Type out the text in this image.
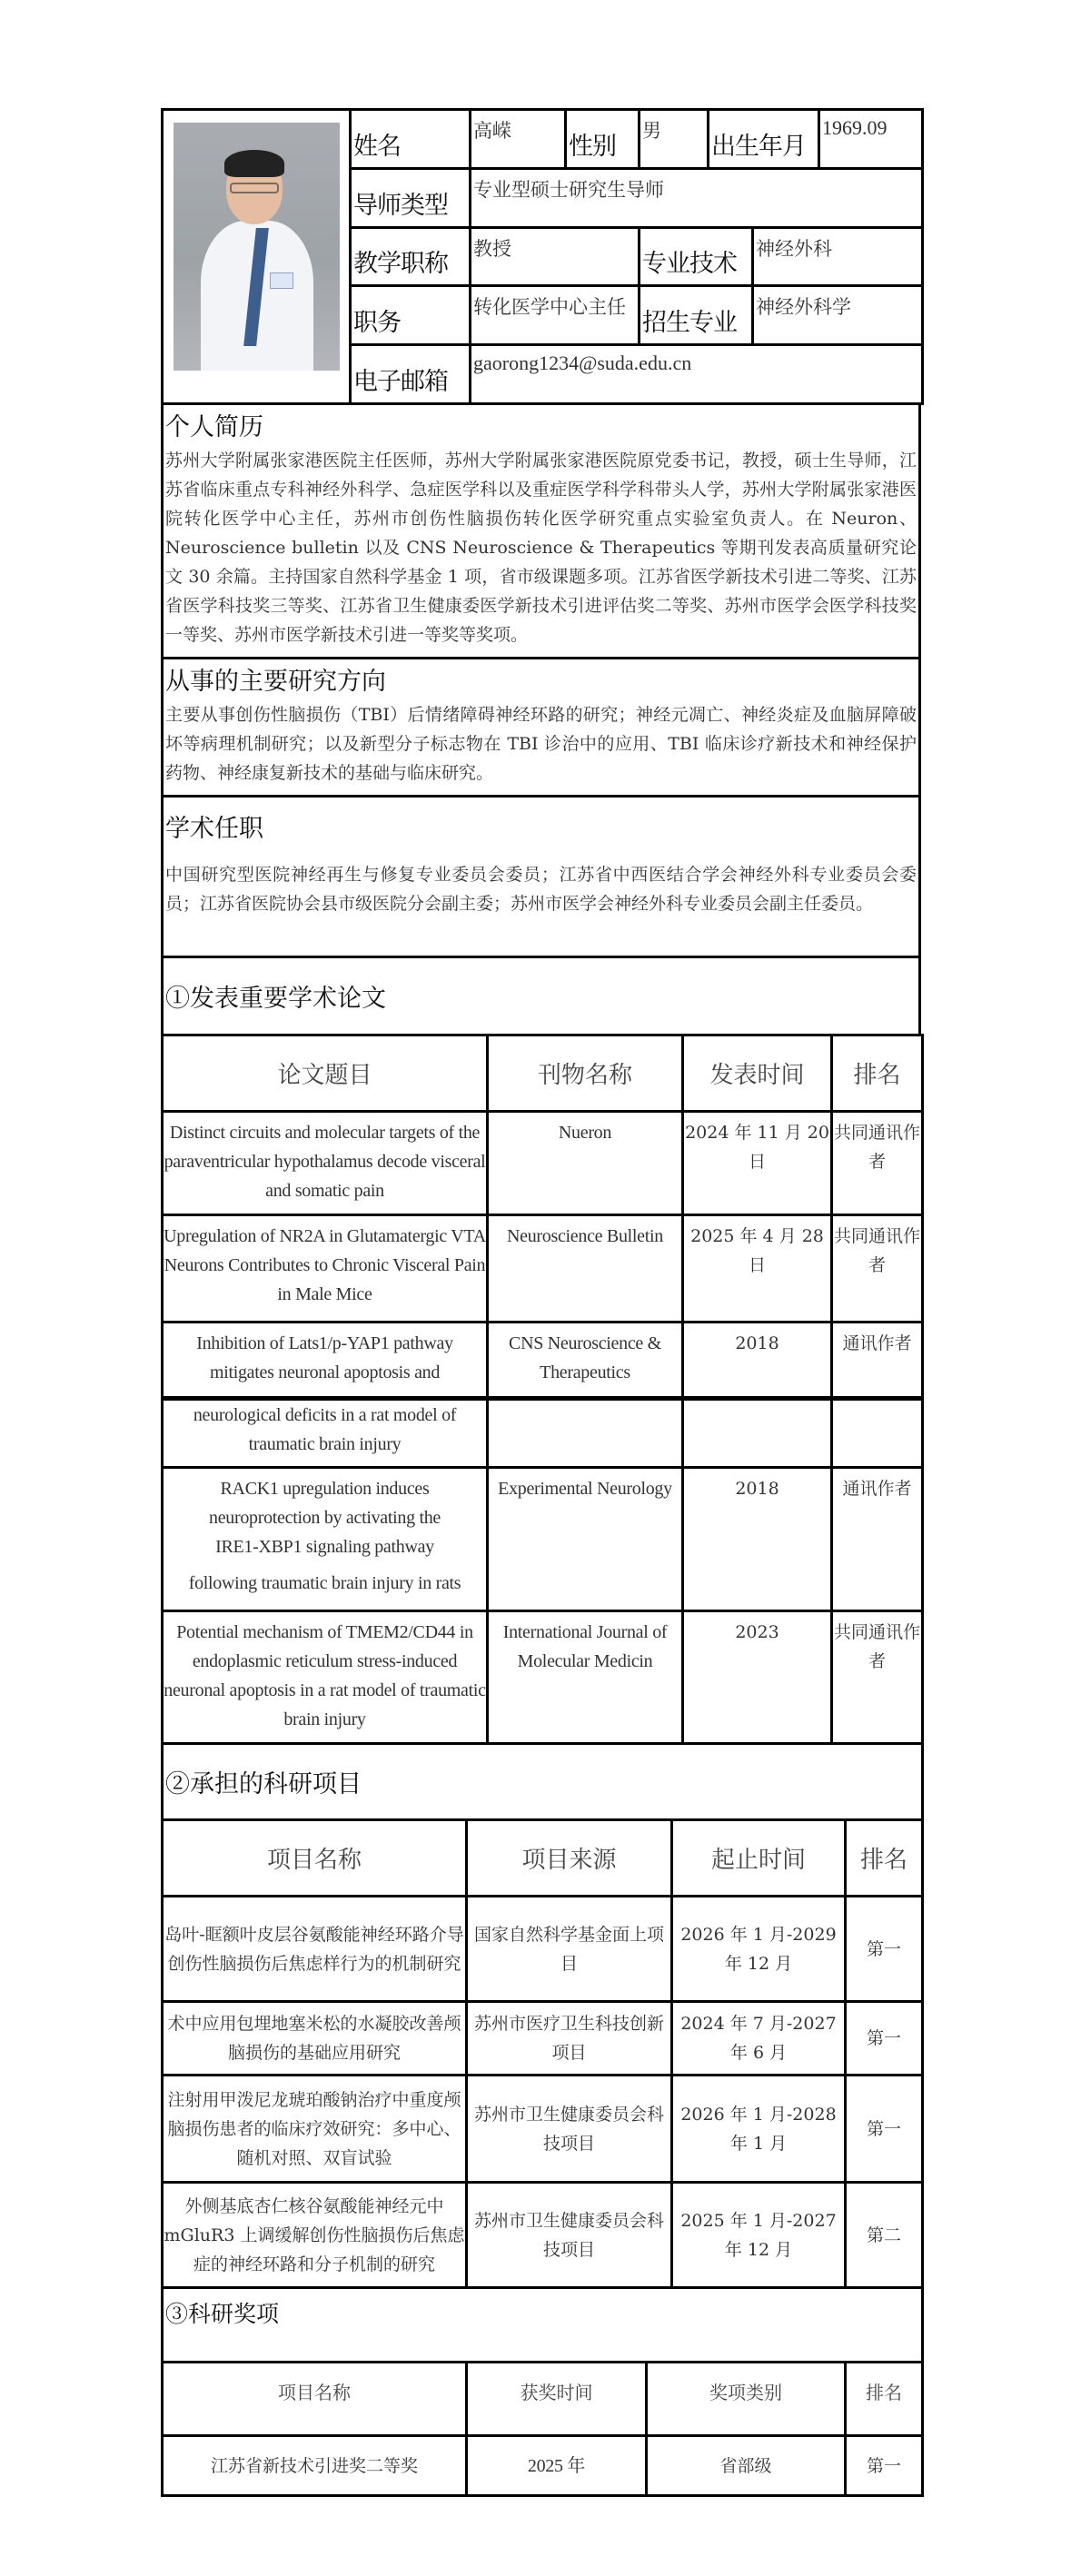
	姓名	高嵘	性别	男	出生年月		1969.09
	导师类型	专业型硕士研究生导师					
	教学职称	教授		专业技术		神经外科	
	职务	转化医学中心主任		招生专业		神经外科学	
	电子邮箱	gaorong1234@suda.edu.cn					
个人简历
苏州大学附属张家港医院主任医师，苏州大学附属张家港医院原党委书记，教授，硕士生导师，江苏省临床重点专科神经外科学、急症医学科以及重症医学科学科带头人学，苏州大学附属张家港医院转化医学中心主任，苏州市创伤性脑损伤转化医学研究重点实验室负责人。在 Neuron、Neuroscience bulletin 以及 CNS Neuroscience & Therapeutics 等期刊发表高质量研究论文 30 余篇。主持国家自然科学基金 1 项，省市级课题多项。江苏省医学新技术引进二等奖、江苏省医学科技奖三等奖、江苏省卫生健康委医学新技术引进评估奖二等奖、苏州市医学会医学科技奖一等奖、苏州市医学新技术引进一等奖等奖项。

从事的主要研究方向
主要从事创伤性脑损伤（TBI）后情绪障碍神经环路的研究；神经元凋亡、神经炎症及血脑屏障破坏等病理机制研究；以及新型分子标志物在 TBI 诊治中的应用、TBI 临床诊疗新技术和神经保护药物、神经康复新技术的基础与临床研究。

学术任职
中国研究型医院神经再生与修复专业委员会委员；江苏省中西医结合学会神经外科专业委员会委员；江苏省医院协会县市级医院分会副主委；苏州市医学会神经外科专业委员会副主任委员。

①发表重要学术论文
论文题目	刊物名称	发表时间	排名
Distinct circuits and molecular targets of the paraventricular hypothalamus decode visceral and somatic pain	Nueron	2024 年 11 月 20 日	共同通讯作者
Upregulation of NR2A in Glutamatergic VTA Neurons Contributes to Chronic Visceral Pain in Male Mice	Neuroscience Bulletin	2025 年 4 月 28 日	共同通讯作者
Inhibition of Lats1/p-YAP1 pathway mitigates neuronal apoptosis and	CNS Neuroscience & Therapeutics	2018	通讯作者
neurological deficits in a rat model of traumatic brain injury			

RACK1 upregulation induces neuroprotection by activating the IRE1-XBP1 signaling pathway
following traumatic brain injury in rats	Experimental Neurology	2018	通讯作者
Potential mechanism of TMEM2/CD44 in endoplasmic reticulum stress-induced neuronal apoptosis in a rat model of traumatic brain injury	International Journal of Molecular Medicin	2023	共同通讯作者
②承担的科研项目			
项目名称	项目来源	起止时间	排名
岛叶-眶额叶皮层谷氨酸能神经环路介导创伤性脑损伤后焦虑样行为的机制研究	国家自然科学基金面上项目	2026 年 1 月-2029 年 12 月	第一
术中应用包埋地塞米松的水凝胶改善颅脑损伤的基础应用研究	苏州市医疗卫生科技创新项目	2024 年 7 月-2027 年 6 月	第一
注射用甲泼尼龙琥珀酸钠治疗中重度颅脑损伤患者的临床疗效研究：多中心、随机对照、双盲试验	苏州市卫生健康委员会科技项目	2026 年 1 月-2028 年 1 月	第一
外侧基底杏仁核谷氨酸能神经元中 mGluR3 上调缓解创伤性脑损伤后焦虑症的神经环路和分子机制的研究	苏州市卫生健康委员会科技项目	2025 年 1 月-2027 年 12 月	第二
③科研奖项			
项目名称	获奖时间	奖项类别	排名
江苏省新技术引进奖二等奖	2025 年	省部级	第一
